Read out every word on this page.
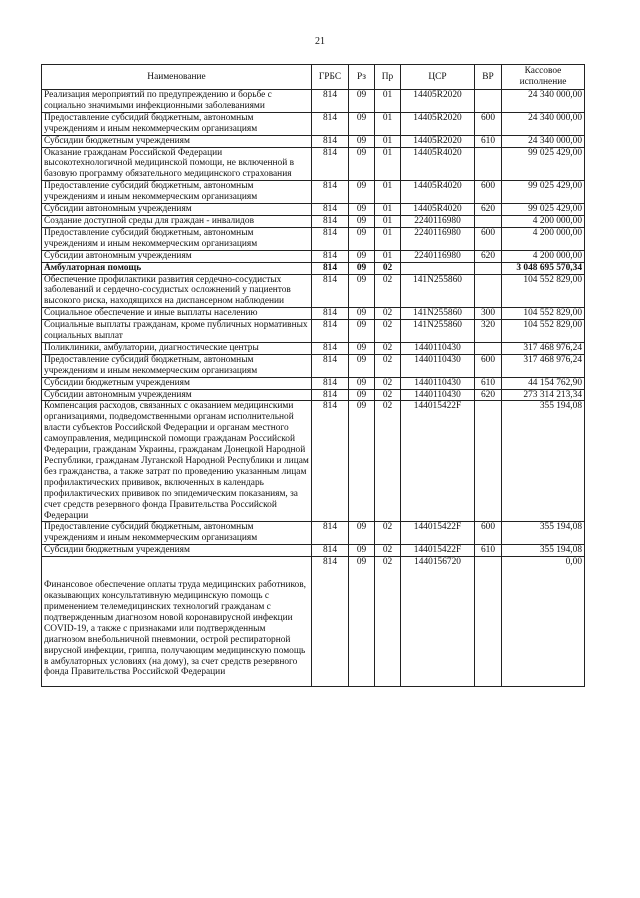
21
Наименование	ГРБС	Рз	Пр	ЦСР	ВР	Кассовое исполнение
Реализация мероприятий по предупреждению и борьбе с социально значимыми инфекционными заболеваниями	814	09	01	14405R2020		24 340 000,00
Предоставление субсидий бюджетным, автономным учреждениям и иным некоммерческим организациям	814	09	01	14405R2020	600	24 340 000,00
Субсидии бюджетным учреждениям	814	09	01	14405R2020	610	24 340 000,00
Оказание гражданам Российской Федерации высокотехнологичной медицинской помощи, не включенной в базовую программу обязательного медицинского страхования	814	09	01	14405R4020		99 025 429,00
Предоставление субсидий бюджетным, автономным учреждениям и иным некоммерческим организациям	814	09	01	14405R4020	600	99 025 429,00
Субсидии автономным учреждениям	814	09	01	14405R4020	620	99 025 429,00
Создание доступной среды для граждан - инвалидов	814	09	01	2240116980		4 200 000,00
Предоставление субсидий бюджетным, автономным учреждениям и иным некоммерческим организациям	814	09	01	2240116980	600	4 200 000,00
Субсидии автономным учреждениям	814	09	01	2240116980	620	4 200 000,00
Амбулаторная помощь	814	09	02			3 048 695 570,34
Обеспечение профилактики развития сердечно-сосудистых заболеваний и сердечно-сосудистых осложнений у пациентов высокого риска, находящихся на диспансерном наблюдении	814	09	02	141N255860		104 552 829,00
Социальное обеспечение и иные выплаты населению	814	09	02	141N255860	300	104 552 829,00
Социальные выплаты гражданам, кроме публичных нормативных социальных выплат	814	09	02	141N255860	320	104 552 829,00
Поликлиники, амбулатории, диагностические центры	814	09	02	1440110430		317 468 976,24
Предоставление субсидий бюджетным, автономным учреждениям и иным некоммерческим организациям	814	09	02	1440110430	600	317 468 976,24
Субсидии бюджетным учреждениям	814	09	02	1440110430	610	44 154 762,90
Субсидии автономным учреждениям	814	09	02	1440110430	620	273 314 213,34
Компенсация расходов, связанных с оказанием медицинскими организациями, подведомственными органам исполнительной власти субъектов Российской Федерации и органам местного самоуправления, медицинской помощи гражданам Российской Федерации, гражданам Украины, гражданам Донецкой Народной Республики, гражданам Луганской Народной Республики и лицам без гражданства, а также затрат по проведению указанным лицам профилактических прививок, включенных в календарь профилактических прививок по эпидемическим показаниям, за счет средств резервного фонда Правительства Российской Федерации	814	09	02	144015422F		355 194,08
Предоставление субсидий бюджетным, автономным учреждениям и иным некоммерческим организациям	814	09	02	144015422F	600	355 194,08
Субсидии бюджетным учреждениям	814	09	02	144015422F	610	355 194,08
Финансовое обеспечение оплаты труда медицинских работников, оказывающих консультативную медицинскую помощь с применением телемедицинских технологий гражданам с подтвержденным диагнозом новой коронавирусной инфекции COVID-19, а также с признаками или подтвержденным диагнозом внебольничной пневмонии, острой респираторной вирусной инфекции, гриппа, получающим медицинскую помощь в амбулаторных условиях (на дому), за счет средств резервного фонда Правительства Российской Федерации	814	09	02	1440156720		0,00
